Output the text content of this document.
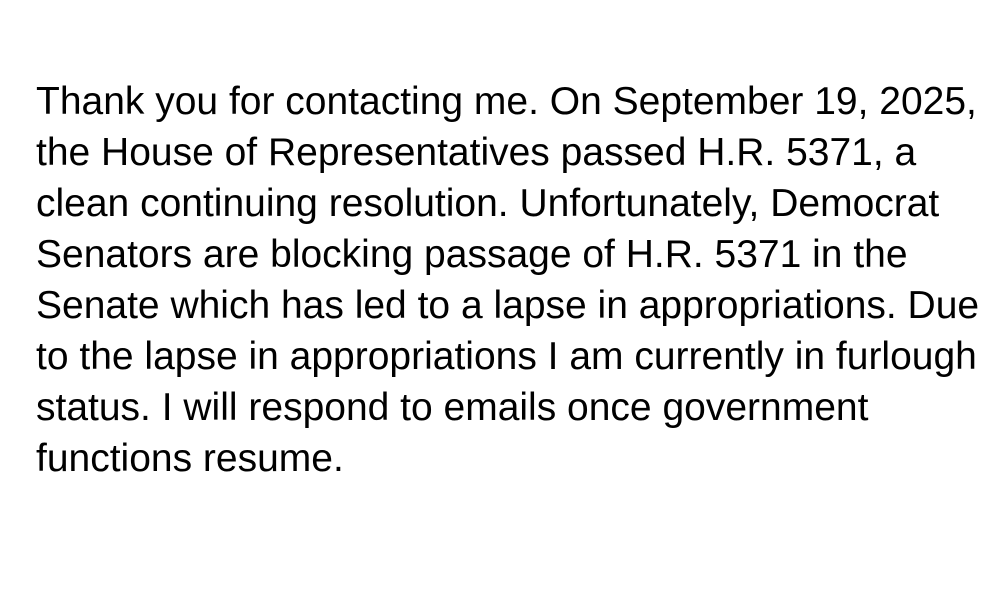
Thank you for contacting me. On September 19, 2025,
the House of Representatives passed H.R. 5371, a
clean continuing resolution. Unfortunately, Democrat
Senators are blocking passage of H.R. 5371 in the
Senate which has led to a lapse in appropriations. Due
to the lapse in appropriations I am currently in furlough
status. I will respond to emails once government
functions resume.
